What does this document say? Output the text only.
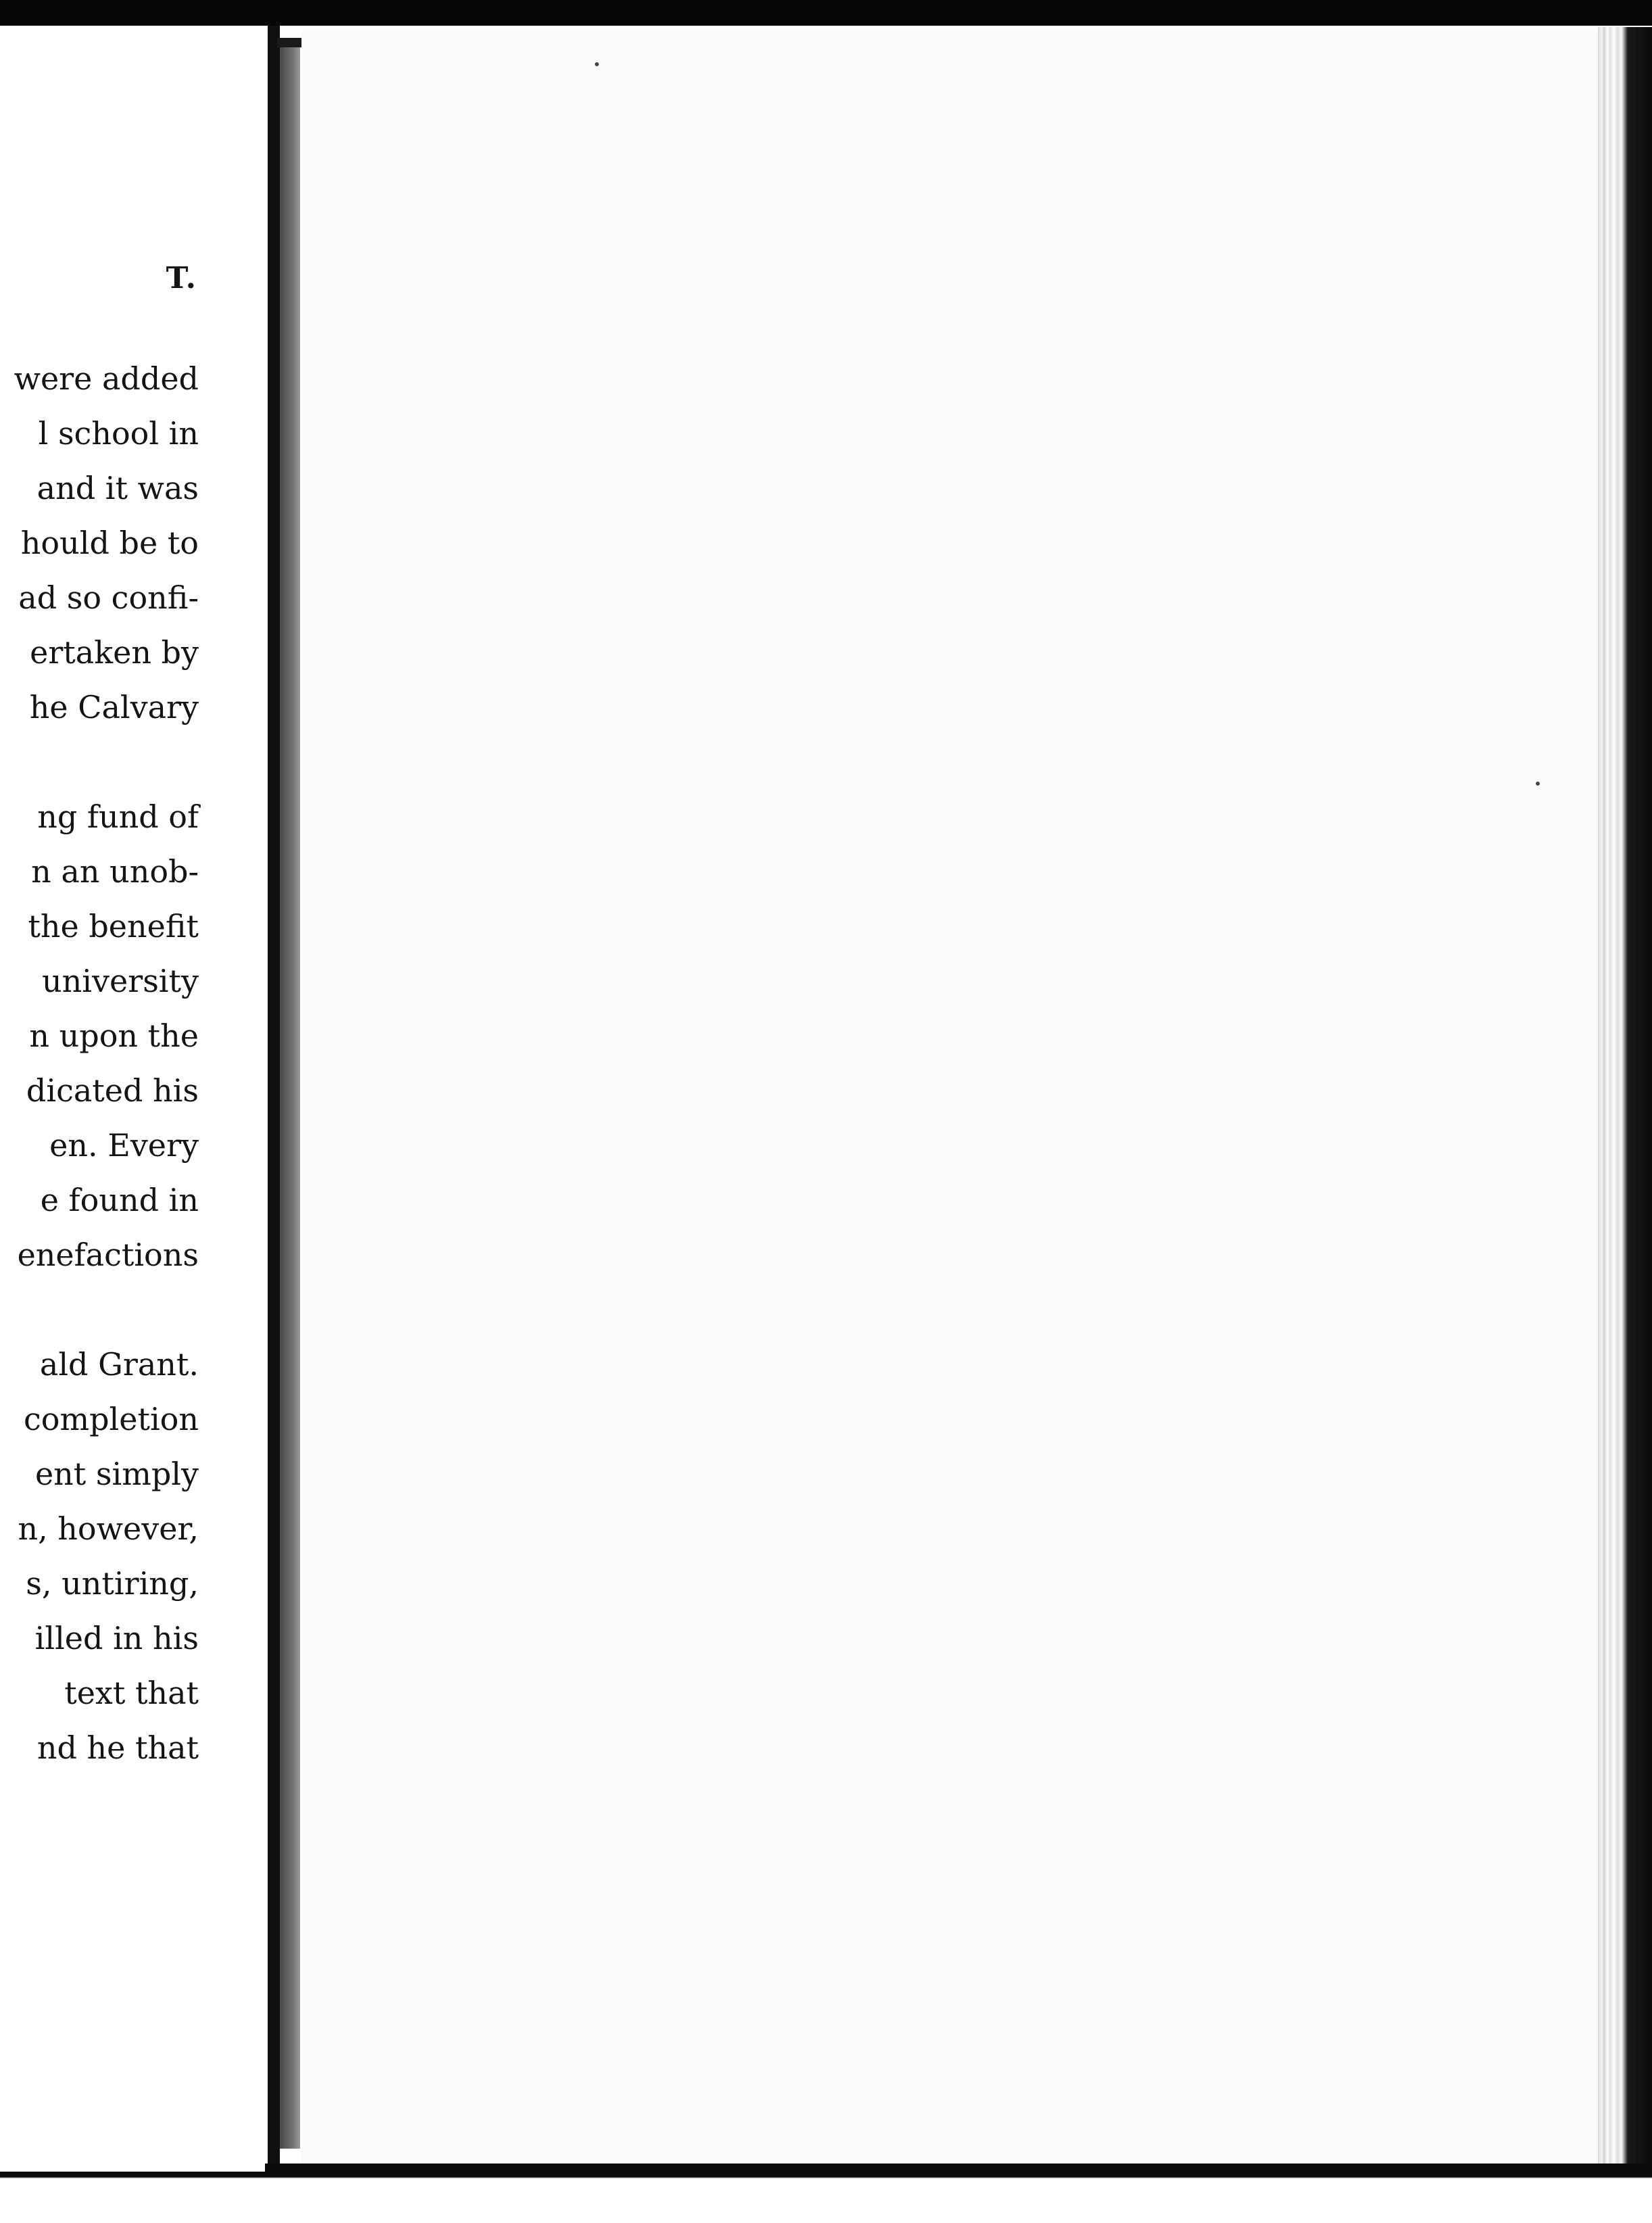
T.
were added
l school in
and it was
hould be to
ad so confi-
ertaken by
he Calvary
ng fund of
n an unob-
the benefit
university
n upon the
dicated his
en. Every
e found in
enefactions
ald Grant.
completion
ent simply
n, however,
s, untiring,
illed in his
text that
nd he that
